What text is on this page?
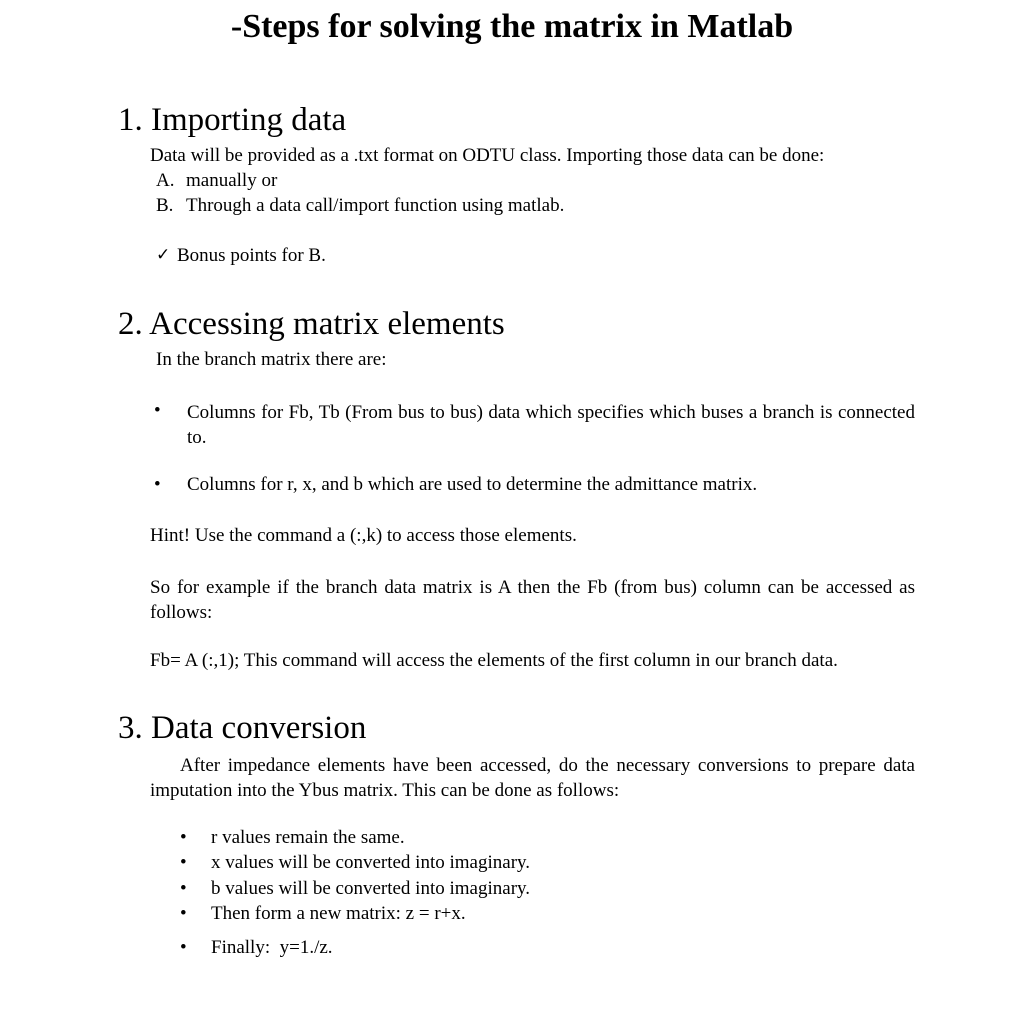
-Steps for solving the matrix in Matlab
1. Importing data
Data will be provided as a .txt format on ODTU class. Importing those data can be done:
A. manually or
B. Through a data call/import function using matlab.
✓ Bonus points for B.
2. Accessing matrix elements
In the branch matrix there are:
• Columns for Fb, Tb (From bus to bus) data which specifies which buses a branch is connected to.
• Columns for r, x, and b which are used to determine the admittance matrix.
Hint! Use the command a (:,k) to access those elements.
So for example if the branch data matrix is A then the Fb (from bus) column can be accessed as follows:
Fb= A (:,1); This command will access the elements of the first column in our branch data.
3. Data conversion
After impedance elements have been accessed, do the necessary conversions to prepare data imputation into the Ybus matrix. This can be done as follows:
• r values remain the same.
• x values will be converted into imaginary.
• b values will be converted into imaginary.
• Then form a new matrix: z = r+x.
• Finally:  y=1./z.
